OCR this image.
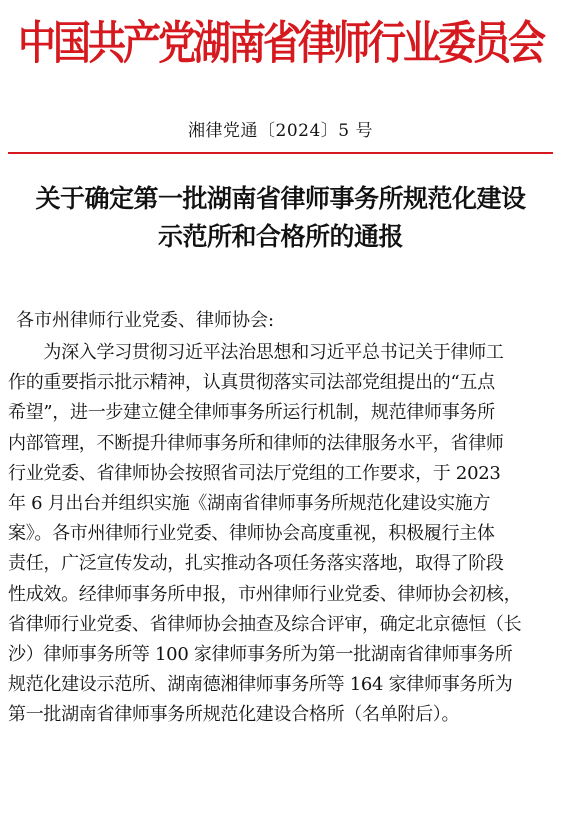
中国共产党湖南省律师行业委员会
湘律党通〔2024〕5 号
关于确定第一批湖南省律师事务所规范化建设
示范所和合格所的通报
各市州律师行业党委、律师协会:
　　为深入学习贯彻习近平法治思想和习近平总书记关于律师工
作的重要指示批示精神，认真贯彻落实司法部党组提出的“五点
希望”，进一步建立健全律师事务所运行机制，规范律师事务所
内部管理，不断提升律师事务所和律师的法律服务水平，省律师
行业党委、省律师协会按照省司法厅党组的工作要求，于 2023
年 6 月出台并组织实施《湖南省律师事务所规范化建设实施方
案》。各市州律师行业党委、律师协会高度重视，积极履行主体
责任，广泛宣传发动，扎实推动各项任务落实落地，取得了阶段
性成效。经律师事务所申报，市州律师行业党委、律师协会初核，
省律师行业党委、省律师协会抽查及综合评审，确定北京德恒（长
沙）律师事务所等 100 家律师事务所为第一批湖南省律师事务所
规范化建设示范所、湖南德湘律师事务所等 164 家律师事务所为
第一批湖南省律师事务所规范化建设合格所（名单附后）。
